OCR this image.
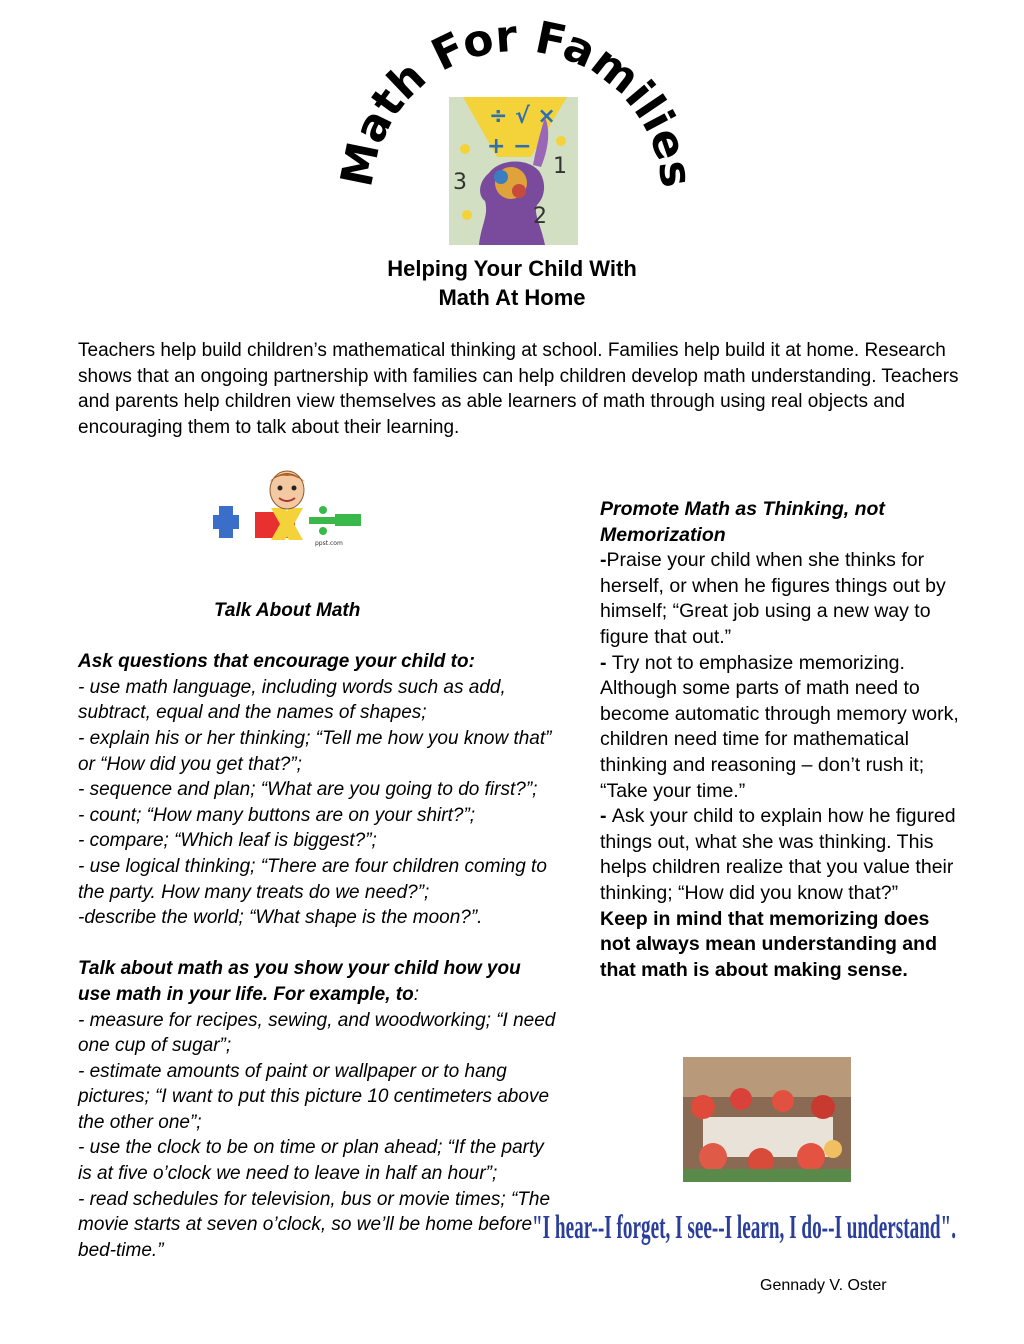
Math For Families
÷ √ ×
+ −
3
1
2
Helping Your Child With
Math At Home
Teachers help build children’s mathematical thinking at school. Families help build it at home. Research shows that an ongoing partnership with families can help children develop math understanding. Teachers and parents help children view themselves as able learners of math through using real objects and encouraging them to talk about their learning.
ppst.com

Talk About Math

Ask questions that encourage your child to:

- use math language, including words such as add, subtract, equal and the names of shapes;

- explain his or her thinking; “Tell me how you know that” or “How did you get that?”;

- sequence and plan; “What are you going to do first?”;

- count; “How many buttons are on your shirt?”;

- compare; “Which leaf is biggest?”;

- use logical thinking; “There are four children coming to the party. How many treats do we need?”;

-describe the world; “What shape is the moon?”.

Talk about math as you show your child how you use math in your life. For example, to:

- measure for recipes, sewing, and woodworking; “I need one cup of sugar”;

- estimate amounts of paint or wallpaper or to hang pictures; “I want to put this picture 10 centimeters above the other one”;

- use the clock to be on time or plan ahead; “If the party is at five o’clock we need to leave in half an hour”;

- read schedules for television, bus or movie times; “The movie starts at seven o’clock, so we’ll be home before bed-time.”

Promote Math as Thinking, not Memorization

-Praise your child when she thinks for herself, or when he figures things out by himself; “Great job using a new way to figure that out.”

- Try not to emphasize memorizing. Although some parts of math need to become automatic through memory work, children need time for mathematical thinking and reasoning – don’t rush it; “Take your time.”

- Ask your child to explain how he figured things out, what she was thinking. This helps children realize that you value their thinking; “How did you know that?”

Keep in mind that memorizing does not always mean understanding and that math is about making sense.

"I hear--I forget, I see--I learn, I do--I understand".
Gennady V. Oster
